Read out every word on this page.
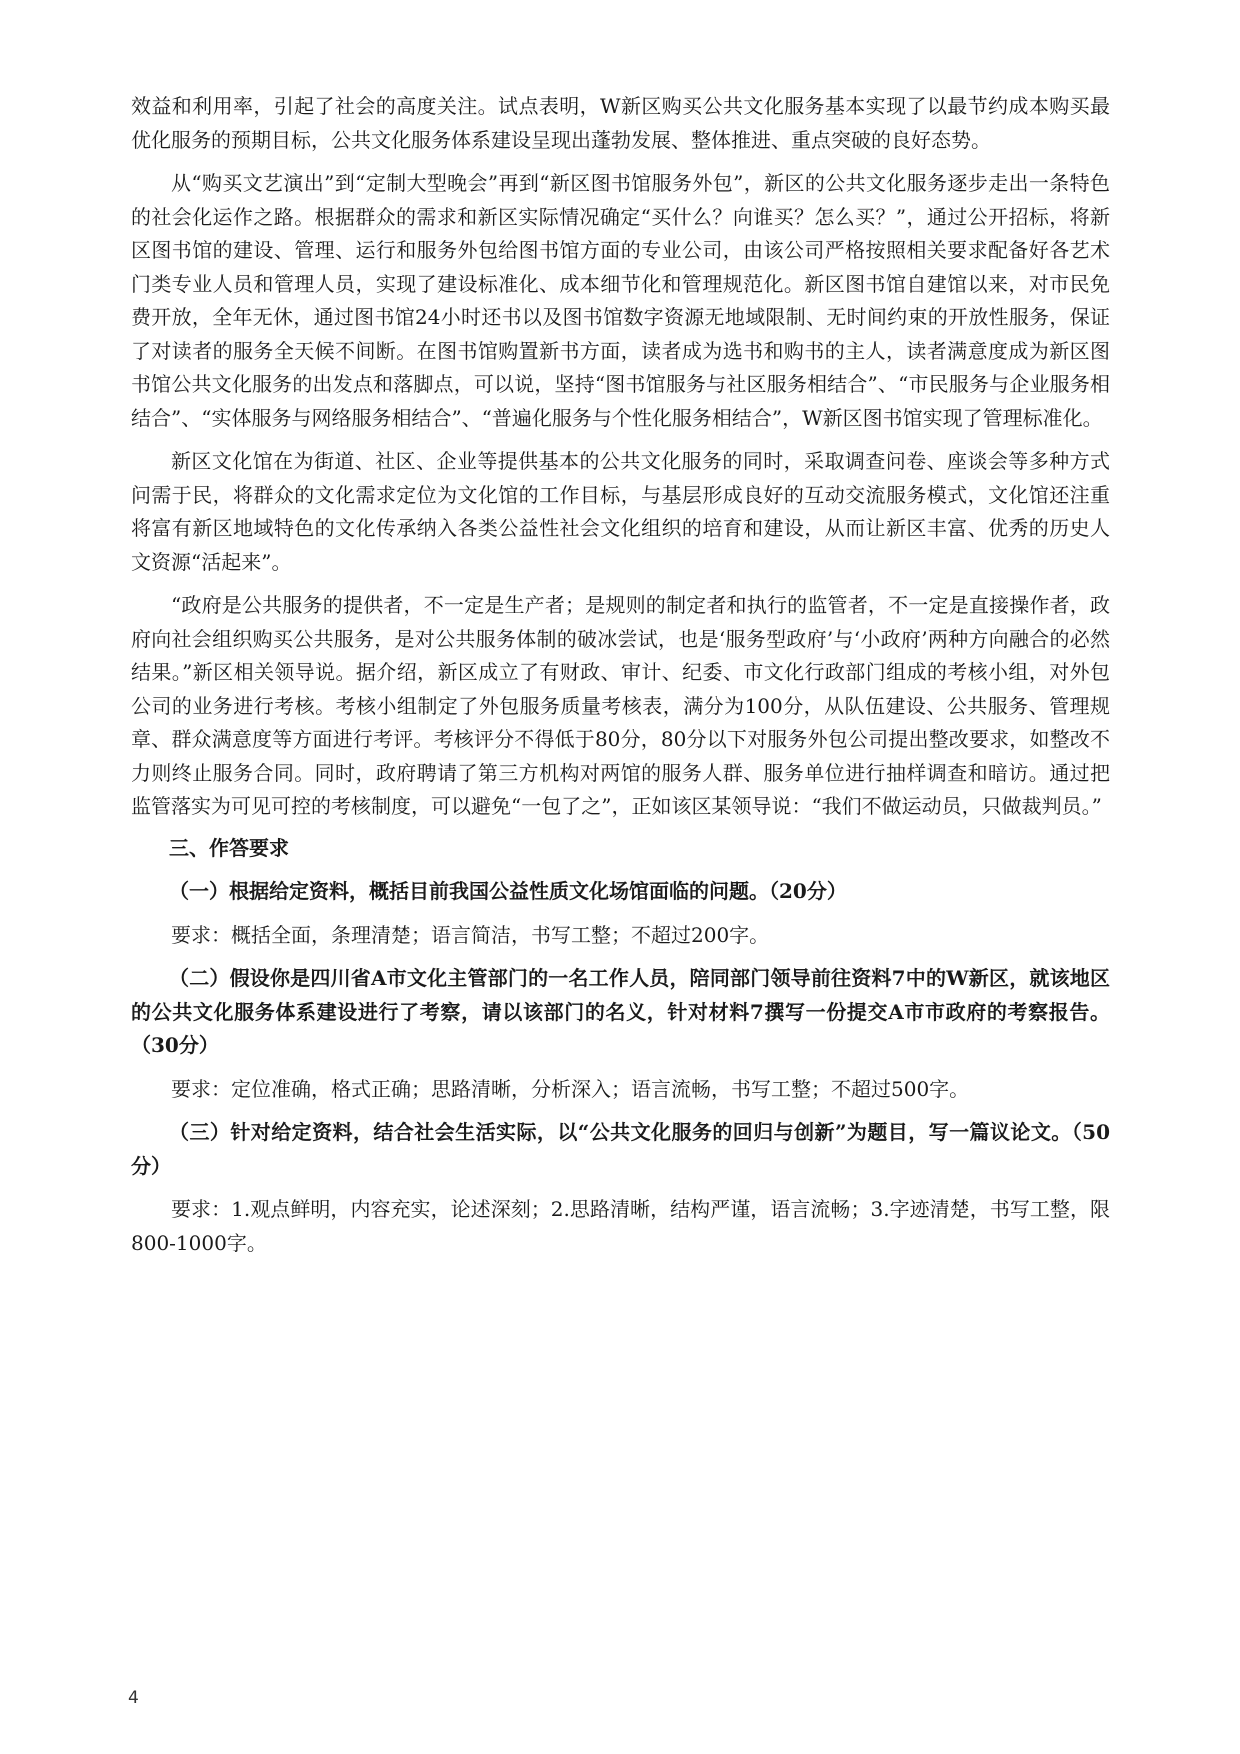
效益和利用率，引起了社会的高度关注。试点表明，W新区购买公共文化服务基本实现了以最节约成本购买最优化服务的预期目标，公共文化服务体系建设呈现出蓬勃发展、整体推进、重点突破的良好态势。

从“购买文艺演出”到“定制大型晚会”再到“新区图书馆服务外包”，新区的公共文化服务逐步走出一条特色的社会化运作之路。根据群众的需求和新区实际情况确定“买什么？向谁买？怎么买？”，通过公开招标，将新区图书馆的建设、管理、运行和服务外包给图书馆方面的专业公司，由该公司严格按照相关要求配备好各艺术门类专业人员和管理人员，实现了建设标准化、成本细节化和管理规范化。新区图书馆自建馆以来，对市民免费开放，全年无休，通过图书馆24小时还书以及图书馆数字资源无地域限制、无时间约束的开放性服务，保证了对读者的服务全天候不间断。在图书馆购置新书方面，读者成为选书和购书的主人，读者满意度成为新区图书馆公共文化服务的出发点和落脚点，可以说，坚持“图书馆服务与社区服务相结合”、“市民服务与企业服务相结合”、“实体服务与网络服务相结合”、“普遍化服务与个性化服务相结合”，W新区图书馆实现了管理标准化。

新区文化馆在为街道、社区、企业等提供基本的公共文化服务的同时，采取调查问卷、座谈会等多种方式问需于民，将群众的文化需求定位为文化馆的工作目标，与基层形成良好的互动交流服务模式，文化馆还注重将富有新区地域特色的文化传承纳入各类公益性社会文化组织的培育和建设，从而让新区丰富、优秀的历史人文资源“活起来”。

“政府是公共服务的提供者，不一定是生产者；是规则的制定者和执行的监管者，不一定是直接操作者，政府向社会组织购买公共服务，是对公共服务体制的破冰尝试，也是‘服务型政府’与‘小政府’两种方向融合的必然结果。”新区相关领导说。据介绍，新区成立了有财政、审计、纪委、市文化行政部门组成的考核小组，对外包公司的业务进行考核。考核小组制定了外包服务质量考核表，满分为100分，从队伍建设、公共服务、管理规章、群众满意度等方面进行考评。考核评分不得低于80分，80分以下对服务外包公司提出整改要求，如整改不力则终止服务合同。同时，政府聘请了第三方机构对两馆的服务人群、服务单位进行抽样调查和暗访。通过把监管落实为可见可控的考核制度，可以避免“一包了之”，正如该区某领导说：“我们不做运动员，只做裁判员。”

三、作答要求

（一）根据给定资料，概括目前我国公益性质文化场馆面临的问题。（20分）

要求：概括全面，条理清楚；语言简洁，书写工整；不超过200字。

（二）假设你是四川省A市文化主管部门的一名工作人员，陪同部门领导前往资料7中的W新区，就该地区的公共文化服务体系建设进行了考察，请以该部门的名义，针对材料7撰写一份提交A市市政府的考察报告。（30分）

要求：定位准确，格式正确；思路清晰，分析深入；语言流畅，书写工整；不超过500字。

（三）针对给定资料，结合社会生活实际，以“公共文化服务的回归与创新”为题目，写一篇议论文。（50分）

要求：1.观点鲜明，内容充实，论述深刻；2.思路清晰，结构严谨，语言流畅；3.字迹清楚，书写工整，限800-1000字。

4
